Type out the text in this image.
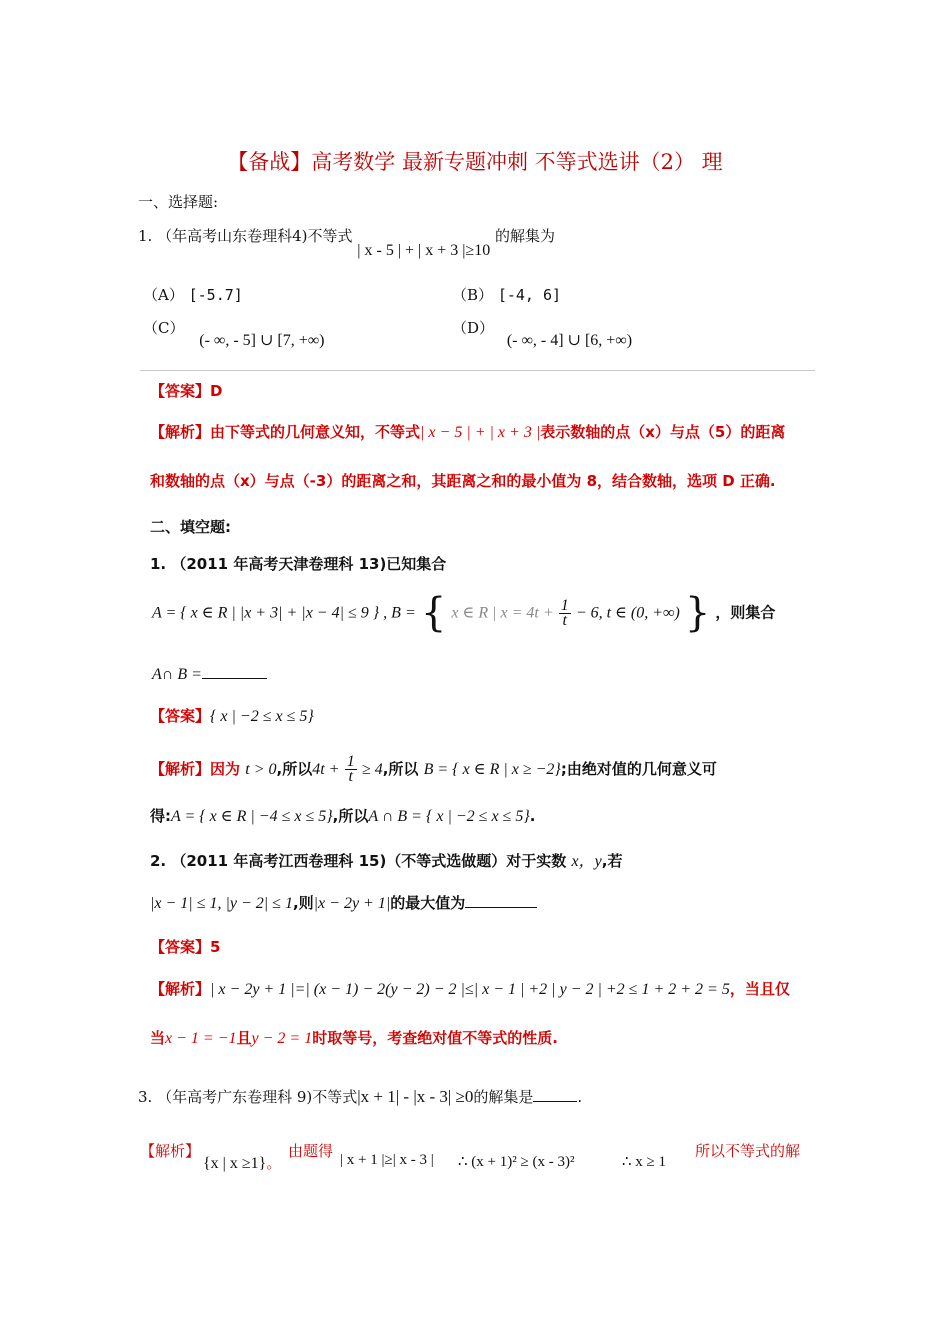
【备战】高考数学 最新专题冲刺 不等式选讲（2） 理
一、选择题:
1. （年高考山东卷理科4)不等式 | x - 5 | + | x + 3 |≥10 的解集为
（A） [-5.7]	（B） [-4, 6]
（C） (- ∞, - 5] ∪ [7, +∞)
（D） (- ∞, - 4] ∪ [6, +∞)
【答案】D
【解析】由下等式的几何意义知，不等式| x − 5 | + | x + 3 |表示数轴的点（x）与点（5）的距离
和数轴的点（x）与点（-3）的距离之和，其距离之和的最小值为 8，结合数轴，选项 D 正确.
二、填空题:
1. （2011 年高考天津卷理科 13)已知集合
A = { x ∈ R | |x + 3| + |x − 4| ≤ 9 } , B = { x ∈ R | $x = 4t + \frac{1}{t} - 6$, t ∈ (0, +∞) } ，则集合
A∩ B =
【答案】{ x | −2 ≤ x ≤ 5}
【解析】因为 t > 0,所以$4t + \frac{1}{t} \ge 4$,所以 B = { x ∈ R | x ≥ −2};由绝对值的几何意义可
得:A = { x ∈ R | −4 ≤ x ≤ 5},所以A ∩ B = { x | −2 ≤ x ≤ 5}.
2. （2011 年高考江西卷理科 15)（不等式选做题）对于实数 x，y,若
|x − 1| ≤ 1, |y − 2| ≤ 1,则|x − 2y + 1|的最大值为
【答案】5
【解析】| x − 2y + 1 |=| (x − 1) − 2(y − 2) − 2 |≤| x − 1 | +2 | y − 2 | +2 ≤ 1 + 2 + 2 = 5，当且仅
当x − 1 = −1且y − 2 = 1时取等号，考查绝对值不等式的性质.
3. （年高考广东卷理科 9)不等式|x + 1| - |x - 3| ≥0的解集是	.
【解析】
{x | x ≥1}。
由题得 | x + 1 |≥| x - 3 | ∴ (x + 1)² ≥ (x - 3)²	∴ x ≥ 1
所以不等式的解
